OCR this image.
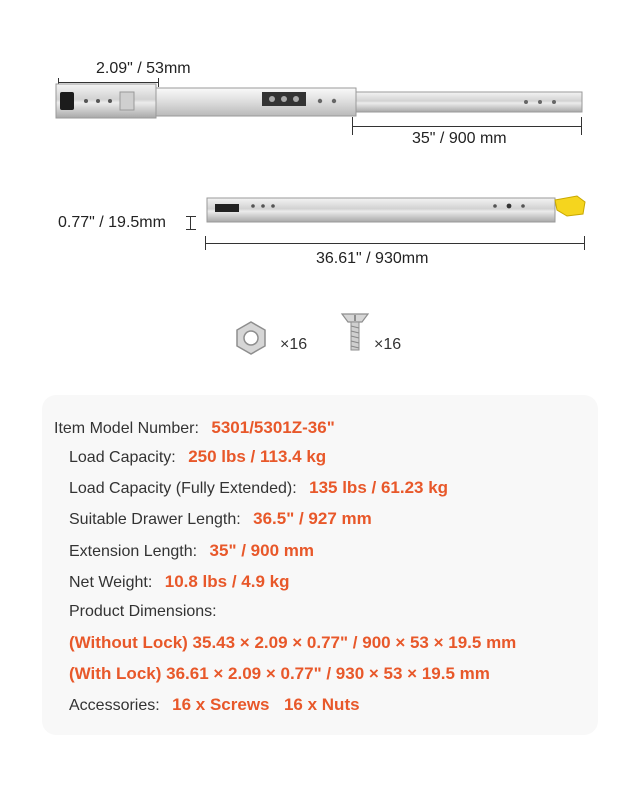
2.09" / 53mm
35" / 900 mm
0.77" / 19.5mm
36.61" / 930mm
×16	×16
Item Model Number: 5301/5301Z-36"
Load Capacity: 250 lbs / 113.4 kg
Load Capacity (Fully Extended): 135 lbs / 61.23 kg
Suitable Drawer Length: 36.5" / 927 mm
Extension Length: 35" / 900 mm
Net Weight: 10.8 lbs / 4.9 kg
Product Dimensions:
(Without Lock) 35.43 × 2.09 × 0.77" / 900 × 53 × 19.5 mm
(With Lock) 36.61 × 2.09 × 0.77" / 930 × 53 × 19.5 mm
Accessories: 16 x Screws 16 x Nuts
